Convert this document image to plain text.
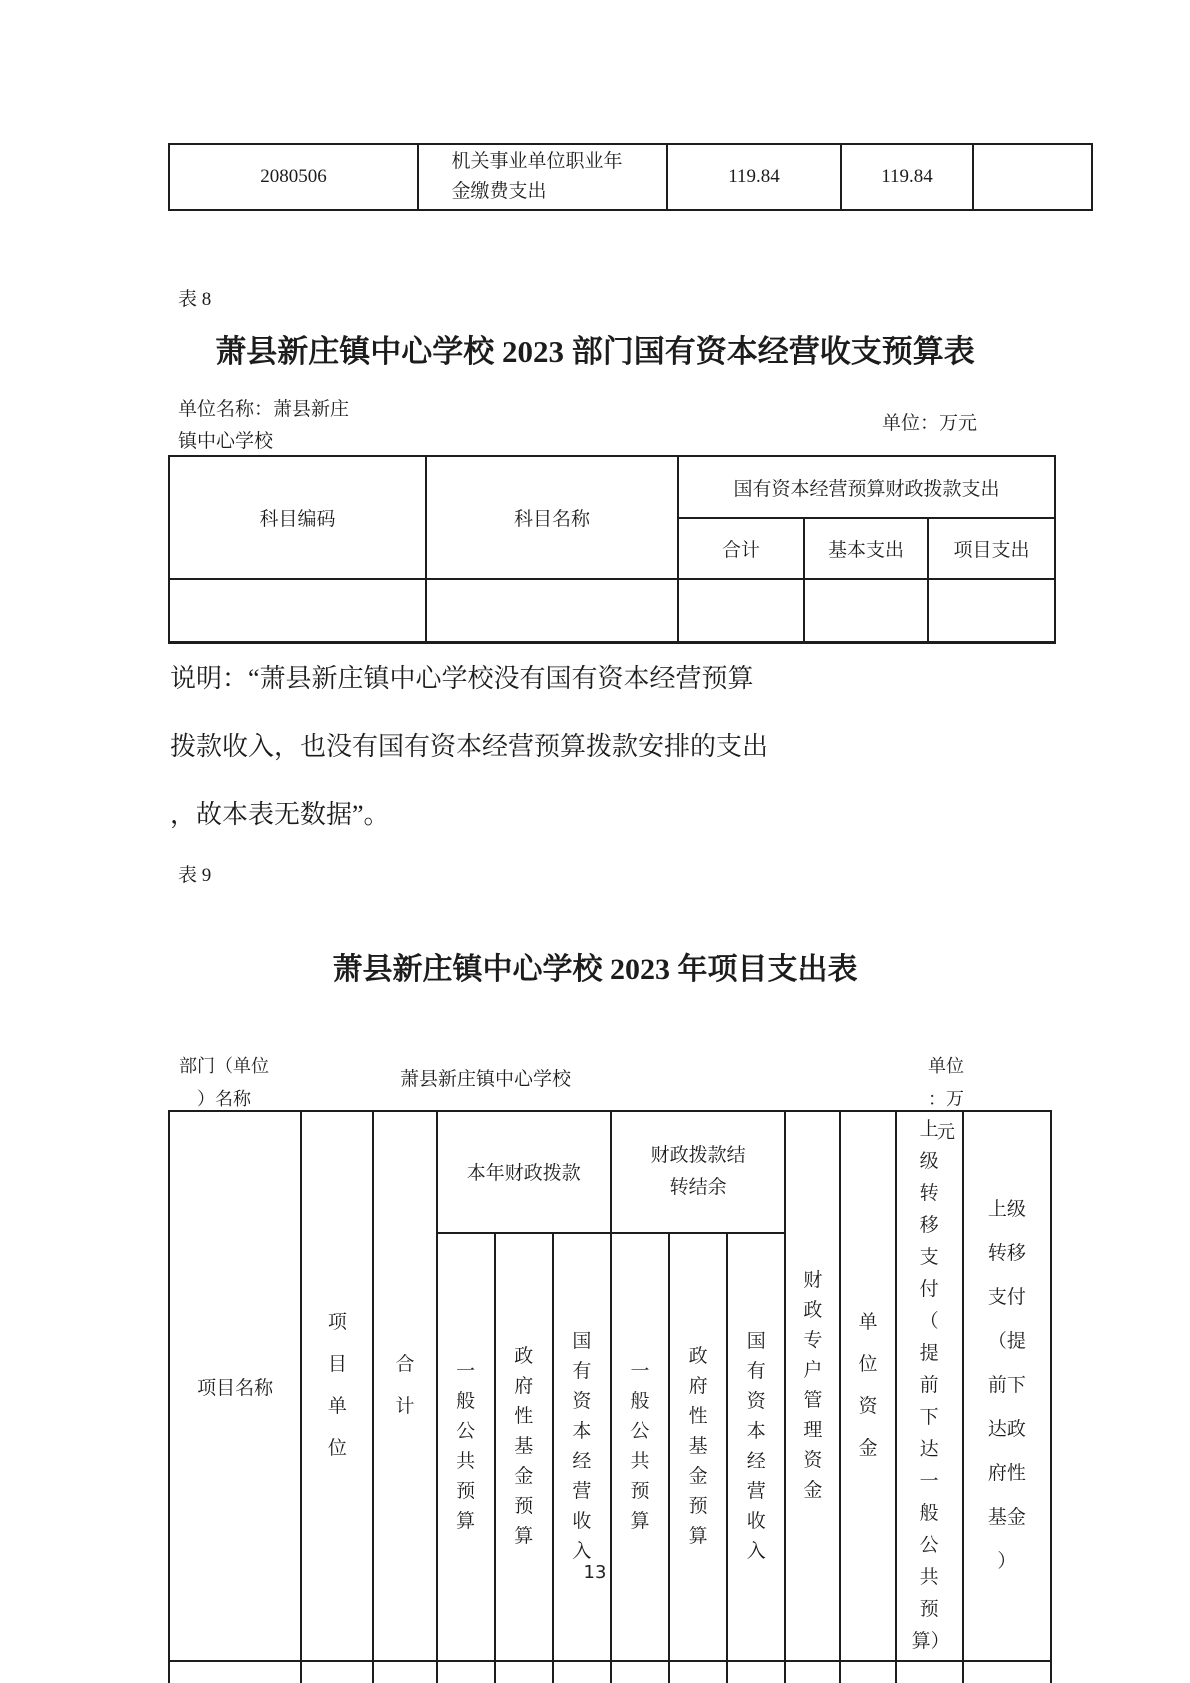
2080506	机关事业单位职业年金缴费支出	119.84	119.84	
表 8
萧县新庄镇中心学校 2023 部门国有资本经营收支预算表
单位名称：萧县新庄镇中心学校
单位：万元
科目编码	科目名称	国有资本经营预算财政拨款支出		
		合计	基本支出	项目支出

说明：“萧县新庄镇中心学校没有国有资本经营预算拨款收入，也没有国有资本经营预算拨款安排的支出，故本表无数据”。
表 9
萧县新庄镇中心学校 2023 年项目支出表
部门（单位）名称
萧县新庄镇中心学校
单位：万元
项目名称	项目单位	合计	本年财政拨款			财政拨款结转结余			财政专户管理资金	单位资金	上级转移支付（提前下达一般公共预算）	上级转移支付（提前下达政府性基金）
			一般公共预算	政府性基金预算	国有资本经营收入	一般公共预算	政府性基金预算	国有资本经营收入				

13
